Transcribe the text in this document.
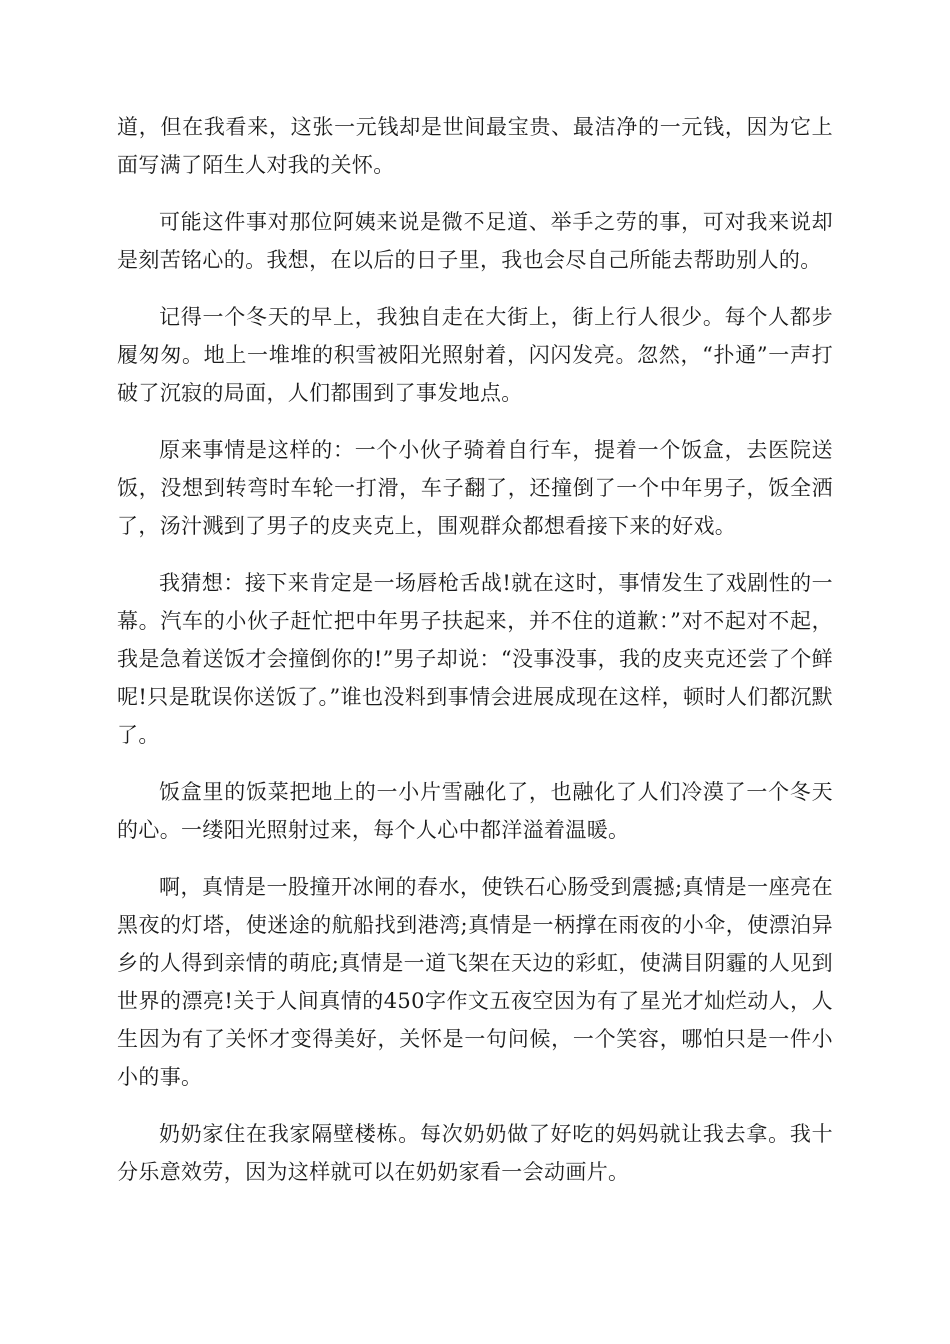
道，但在我看来，这张一元钱却是世间最宝贵、最洁净的一元钱，因为它上面写满了陌生人对我的关怀。

可能这件事对那位阿姨来说是微不足道、举手之劳的事，可对我来说却是刻苦铭心的。我想，在以后的日子里，我也会尽自己所能去帮助别人的。

记得一个冬天的早上，我独自走在大街上，街上行人很少。每个人都步履匆匆。地上一堆堆的积雪被阳光照射着，闪闪发亮。忽然，“扑通”一声打破了沉寂的局面，人们都围到了事发地点。

原来事情是这样的：一个小伙子骑着自行车，提着一个饭盒，去医院送饭，没想到转弯时车轮一打滑，车子翻了，还撞倒了一个中年男子，饭全洒了，汤汁溅到了男子的皮夹克上，围观群众都想看接下来的好戏。

我猜想：接下来肯定是一场唇枪舌战!就在这时，事情发生了戏剧性的一幕。汽车的小伙子赶忙把中年男子扶起来，并不住的道歉：”对不起对不起，我是急着送饭才会撞倒你的!”男子却说：“没事没事，我的皮夹克还尝了个鲜呢!只是耽误你送饭了。”谁也没料到事情会进展成现在这样，顿时人们都沉默了。

饭盒里的饭菜把地上的一小片雪融化了，也融化了人们冷漠了一个冬天的心。一缕阳光照射过来，每个人心中都洋溢着温暖。

啊，真情是一股撞开冰闸的春水，使铁石心肠受到震撼;真情是一座亮在黑夜的灯塔，使迷途的航船找到港湾;真情是一柄撑在雨夜的小伞，使漂泊异乡的人得到亲情的萌庇;真情是一道飞架在天边的彩虹，使满目阴霾的人见到世界的漂亮!关于人间真情的450字作文五夜空因为有了星光才灿烂动人，人生因为有了关怀才变得美好，关怀是一句问候，一个笑容，哪怕只是一件小小的事。

奶奶家住在我家隔壁楼栋。每次奶奶做了好吃的妈妈就让我去拿。我十分乐意效劳，因为这样就可以在奶奶家看一会动画片。
